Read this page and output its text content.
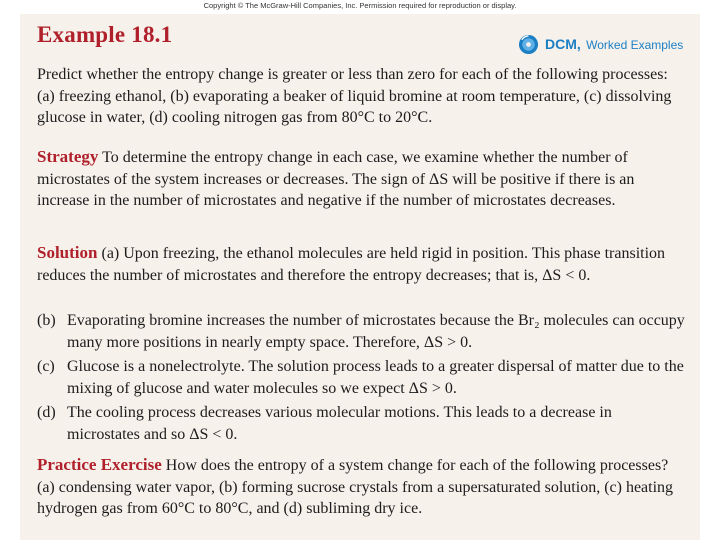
Copyright © The McGraw-Hill Companies, Inc. Permission required for reproduction or display.
Example 18.1	DCM, Worked Examples

Predict whether the entropy change is greater or less than zero for each of the following processes: (a) freezing ethanol, (b) evaporating a beaker of liquid bromine at room temperature, (c) dissolving glucose in water, (d) cooling nitrogen gas from 80°C to 20°C.

Strategy To determine the entropy change in each case, we examine whether the number of microstates of the system increases or decreases. The sign of ΔS will be positive if there is an increase in the number of microstates and negative if the number of microstates decreases.

Solution (a) Upon freezing, the ethanol molecules are held rigid in position. This phase transition reduces the number of microstates and therefore the entropy decreases; that is, ΔS < 0.

(b) Evaporating bromine increases the number of microstates because the Br₂ molecules can occupy many more positions in nearly empty space. Therefore, ΔS > 0.
(c) Glucose is a nonelectrolyte. The solution process leads to a greater dispersal of matter due to the mixing of glucose and water molecules so we expect ΔS > 0.
(d) The cooling process decreases various molecular motions. This leads to a decrease in microstates and so ΔS < 0.

Practice Exercise How does the entropy of a system change for each of the following processes? (a) condensing water vapor, (b) forming sucrose crystals from a supersaturated solution, (c) heating hydrogen gas from 60°C to 80°C, and (d) subliming dry ice.
